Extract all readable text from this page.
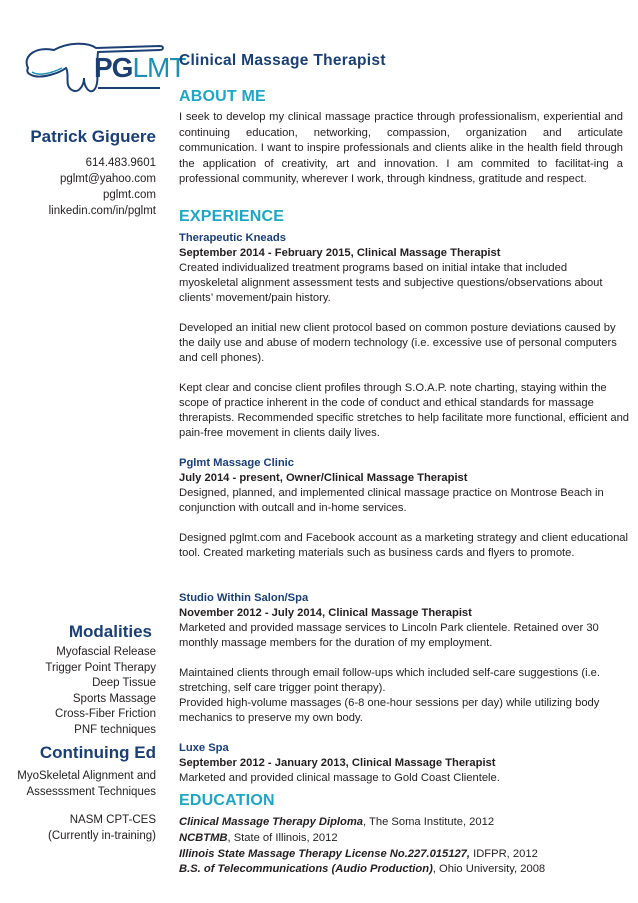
PGLMT
Patrick Giguere
614.483.9601
pglmt@yahoo.com
pglmt.com
linkedin.com/in/pglmt
Modalities
Myofascial Release
Trigger Point Therapy
Deep Tissue
Sports Massage
Cross-Fiber Friction
PNF techniques
Continuing Ed
MyoSkeletal Alignment and
Assesssment Techniques
NASM CPT-CES
(Currently in-training)
Clinical Massage Therapist
ABOUT ME
I seek to develop my clinical massage practice through professionalism, experiential and continuing education, networking, compassion, organization and articulate communication. I want to inspire professionals and clients alike in the health field through the application of creativity, art and innovation. I am commited to facilitat-ing a professional community, wherever I work, through kindness, gratitude and respect.
EXPERIENCE
Therapeutic Kneads
September 2014 - February 2015, Clinical Massage Therapist

Created individualized treatment programs based on initial intake that included myoskeletal alignment assessment tests and subjective questions/observations about clients’ movement/pain history.

Developed an initial new client protocol based on common posture deviations caused by the daily use and abuse of modern technology (i.e. excessive use of personal computers and cell phones).

Kept clear and concise client profiles through S.O.A.P. note charting, staying within the scope of practice inherent in the code of conduct and ethical standards for massage threrapists. Recommended specific stretches to help facilitate more functional, efficient and pain-free movement in clients daily lives.

Pglmt Massage Clinic
July 2014 - present, Owner/Clinical Massage Therapist

Designed, planned, and implemented clinical massage practice on Montrose Beach in conjunction with outcall and in-home services.

Designed pglmt.com and Facebook account as a marketing strategy and client educational tool. Created marketing materials such as business cards and flyers to promote.

Studio Within Salon/Spa
November 2012 - July 2014, Clinical Massage Therapist

Marketed and provided massage services to Lincoln Park clientele. Retained over 30 monthly massage members for the duration of my employment.

Maintained clients through email follow-ups which included self-care suggestions (i.e. stretching, self care trigger point therapy).

Provided high-volume massages (6-8 one-hour sessions per day) while utilizing body mechanics to preserve my own body.

Luxe Spa
September 2012 - January 2013, Clinical Massage Therapist

Marketed and provided clinical massage to Gold Coast Clientele.

EDUCATION
Clinical Massage Therapy Diploma, The Soma Institute, 2012
NCBTMB, State of Illinois, 2012
Illinois State Massage Therapy License No.227.015127, IDFPR, 2012
B.S. of Telecommunications (Audio Production), Ohio University, 2008
